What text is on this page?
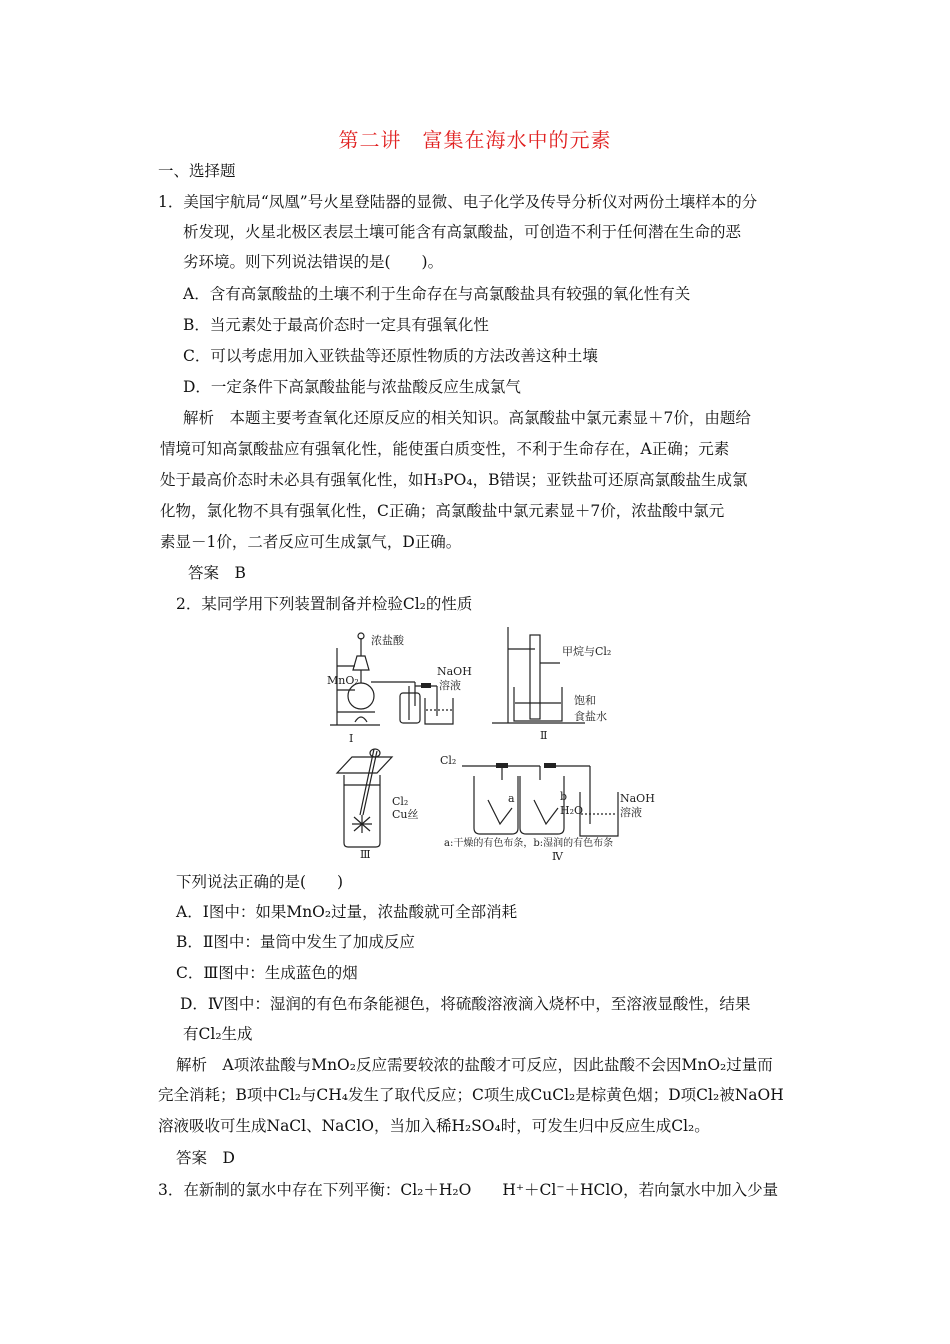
第二讲　富集在海水中的元素
一、选择题
1．美国宇航局“凤凰”号火星登陆器的显微、电子化学及传导分析仪对两份土壤样本的分
析发现，火星北极区表层土壤可能含有高氯酸盐，可创造不利于任何潜在生命的恶
劣环境。则下列说法错误的是(　　)。
A．含有高氯酸盐的土壤不利于生命存在与高氯酸盐具有较强的氧化性有关
B．当元素处于最高价态时一定具有强氧化性
C．可以考虑用加入亚铁盐等还原性物质的方法改善这种土壤
D．一定条件下高氯酸盐能与浓盐酸反应生成氯气
解析　本题主要考查氧化还原反应的相关知识。高氯酸盐中氯元素显＋7价，由题给
情境可知高氯酸盐应有强氧化性，能使蛋白质变性，不利于生命存在，A正确；元素
处于最高价态时未必具有强氧化性，如H₃PO₄，B错误；亚铁盐可还原高氯酸盐生成氯
化物，氯化物不具有强氧化性，C正确；高氯酸盐中氯元素显＋7价，浓盐酸中氯元
素显－1价，二者反应可生成氯气，D正确。
答案　B
2．某同学用下列装置制备并检验Cl₂的性质
浓盐酸
MnO₂
NaOH
溶液
Ⅰ
甲烷与Cl₂
饱和
食盐水
Ⅱ
Cl₂
Cu丝
Ⅲ
Cl₂
a	b
H₂O
NaOH
溶液
a:干燥的有色布条，b:湿润的有色布条
Ⅳ
下列说法正确的是(　　)
A．Ⅰ图中：如果MnO₂过量，浓盐酸就可全部消耗
B．Ⅱ图中：量筒中发生了加成反应
C．Ⅲ图中：生成蓝色的烟
D．Ⅳ图中：湿润的有色布条能褪色，将硫酸溶液滴入烧杯中，至溶液显酸性，结果
有Cl₂生成
解析　A项浓盐酸与MnO₂反应需要较浓的盐酸才可反应，因此盐酸不会因MnO₂过量而
完全消耗；B项中Cl₂与CH₄发生了取代反应；C项生成CuCl₂是棕黄色烟；D项Cl₂被NaOH
溶液吸收可生成NaCl、NaClO，当加入稀H₂SO₄时，可发生归中反应生成Cl₂。
答案　D
3．在新制的氯水中存在下列平衡：Cl₂＋H₂O　　H⁺＋Cl⁻＋HClO，若向氯水中加入少量
